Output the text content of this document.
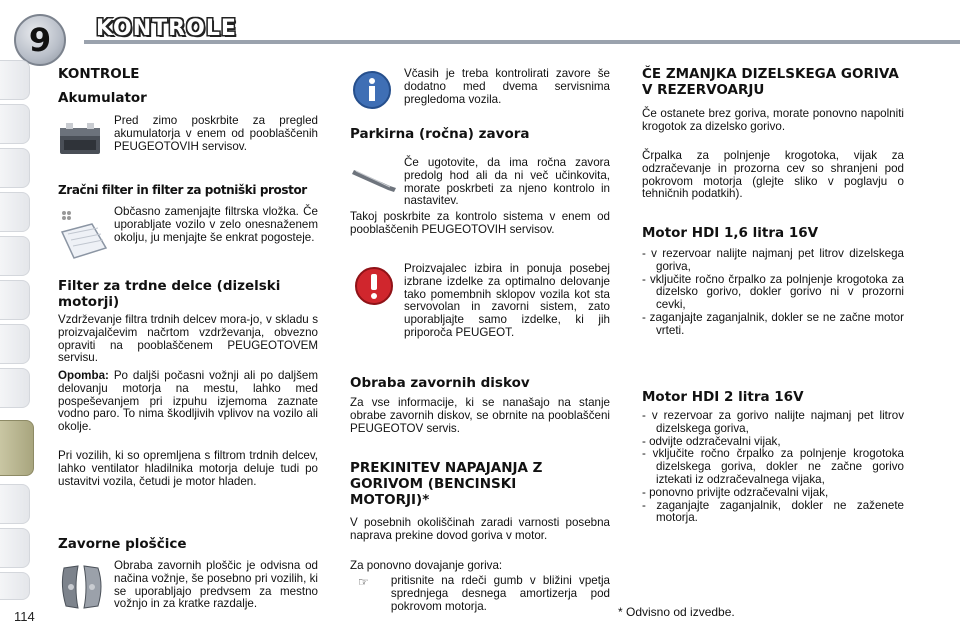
9	KONTROLE
KONTROLE
Akumulator
Pred zimo poskrbite za pregled akumulatorja v enem od pooblaščenih PEUGEOTOVIH servisov.
Zračni filter in filter za potniški prostor
Občasno zamenjajte filtrska vložka. Če uporabljate vozilo v zelo onesnaženem okolju, ju menjajte še enkrat pogosteje.
Filter za trdne delce (dizelski motorji)
Vzdrževanje filtra trdnih delcev mora-jo, v skladu s proizvajalčevim načrtom vzdrževanja, obvezno opraviti na pooblaščenem PEUGEOTOVEM servisu.
Opomba: Po daljši počasni vožnji ali po daljšem delovanju motorja na mestu, lahko med pospeševanjem pri izpuhu izjemoma zaznate vodno paro. To nima škodljivih vplivov na vozilo ali okolje.
Pri vozilih, ki so opremljena s filtrom trdnih delcev, lahko ventilator hladilnika motorja deluje tudi po ustavitvi vozila, četudi je motor hladen.
Zavorne ploščice
Obraba zavornih ploščic je odvisna od načina vožnje, še posebno pri vozilih, ki se uporabljajo predvsem za mestno vožnjo in za kratke razdalje.
114
Včasih je treba kontrolirati zavore še dodatno med dvema servisnima pregledoma vozila.
Parkirna (ročna) zavora
Če ugotovite, da ima ročna zavora predolg hod ali da ni več učinkovita, morate poskrbeti za njeno kontrolo in nastavitev.
Takoj poskrbite za kontrolo sistema v enem od pooblaščenih PEUGEOTOVIH servisov.
Proizvajalec izbira in ponuja posebej izbrane izdelke za optimalno delovanje tako pomembnih sklopov vozila kot sta servovolan in zavorni sistem, zato uporabljajte samo izdelke, ki jih priporoča PEUGEOT.
Obraba zavornih diskov
Za vse informacije, ki se nanašajo na stanje obrabe zavornih diskov, se obrnite na pooblaščeni PEUGEOTOV servis.
PREKINITEV NAPAJANJA Z GORIVOM (BENCINSKI MOTORJI)*
V posebnih okoliščinah zaradi varnosti posebna naprava prekine dovod goriva v motor.
Za ponovno dovajanje goriva:
☞	pritisnite na rdeči gumb v bližini vpetja sprednjega desnega amortizerja pod pokrovom motorja.
ČE ZMANJKA DIZELSKEGA GORIVA V REZERVOARJU
Če ostanete brez goriva, morate ponovno napolniti krogotok za dizelsko gorivo.
Črpalka za polnjenje krogotoka, vijak za odzračevanje in prozorna cev so shranjeni pod pokrovom motorja (glejte sliko v poglavju o tehničnih podatkih).
Motor HDI 1,6 litra 16V
- v rezervoar nalijte najmanj pet litrov dizelskega goriva,
- vključite ročno črpalko za polnjenje krogotoka za dizelsko gorivo, dokler gorivo ni v prozorni cevki,
- zaganjajte zaganjalnik, dokler se ne začne motor vrteti.
Motor HDI 2 litra 16V
- v rezervoar za gorivo nalijte najmanj pet litrov dizelskega goriva,
- odvijte odzračevalni vijak,
- vključite ročno črpalko za polnjenje krogotoka dizelskega goriva, dokler ne začne gorivo iztekati iz odzračevalnega vijaka,
- ponovno privijte odzračevalni vijak,
- zaganjajte zaganjalnik, dokler ne zaženete motorja.
* Odvisno od izvedbe.
